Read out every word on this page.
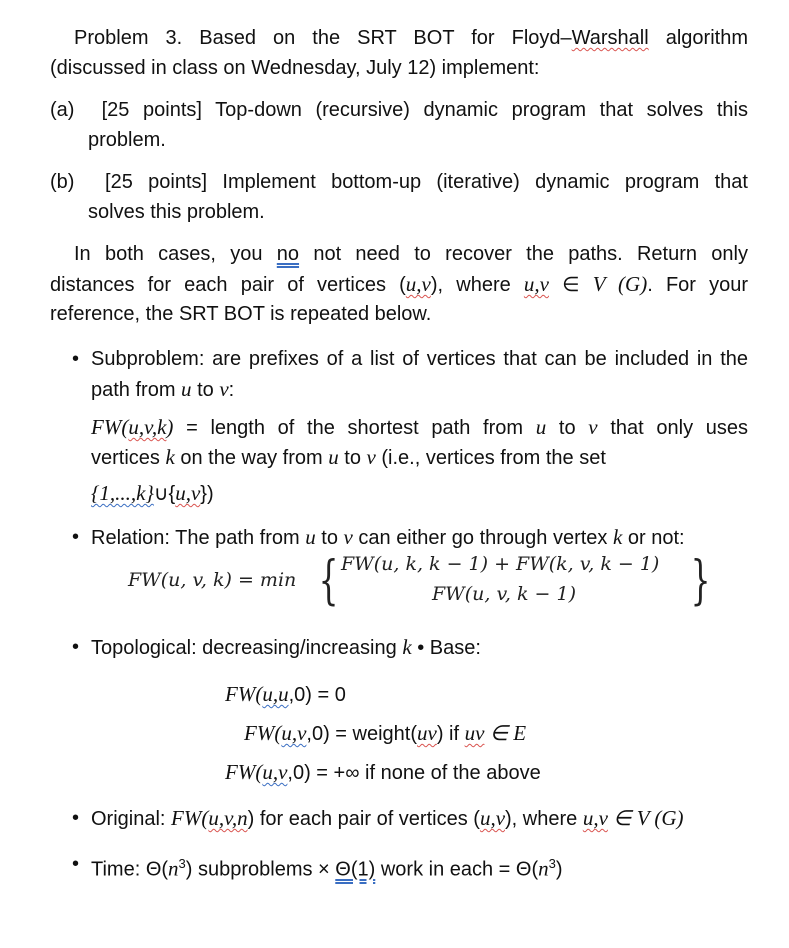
Problem 3. Based on the SRT BOT for Floyd–Warshall algorithm
(discussed in class on Wednesday, July 12) implement:
(a)  [25 points] Top-down (recursive) dynamic program that solves this
problem.
(b)  [25 points] Implement bottom-up (iterative) dynamic program that
solves this problem.
In both cases, you no not need to recover the paths. Return only
distances for each pair of vertices (u,v), where u,v ∈ V (G). For your
reference, the SRT BOT is repeated below.
• Subproblem: are prefixes of a list of vertices that can be included in the
path from u to v:
FW(u,v,k) = length of the shortest path from u to v that only uses
vertices k on the way from u to v (i.e., vertices from the set
{1,...,k}∪{u,v})
• Relation: The path from u to v can either go through vertex k or not:
FW(u, v, k) = min { FW(u, k, k − 1) + FW(k, v, k − 1)
FW(u, v, k − 1) }
• Topological: decreasing/increasing k • Base:
FW(u,u,0) = 0
FW(u,v,0) = weight(uv) if uv ∈ E
FW(u,v,0) = +∞ if none of the above
• Original: FW(u,v,n) for each pair of vertices (u,v), where u,v ∈ V (G)
• Time: $\Theta(n^3)$ subproblems × Θ(1) work in each = $\Theta(n^3)$
